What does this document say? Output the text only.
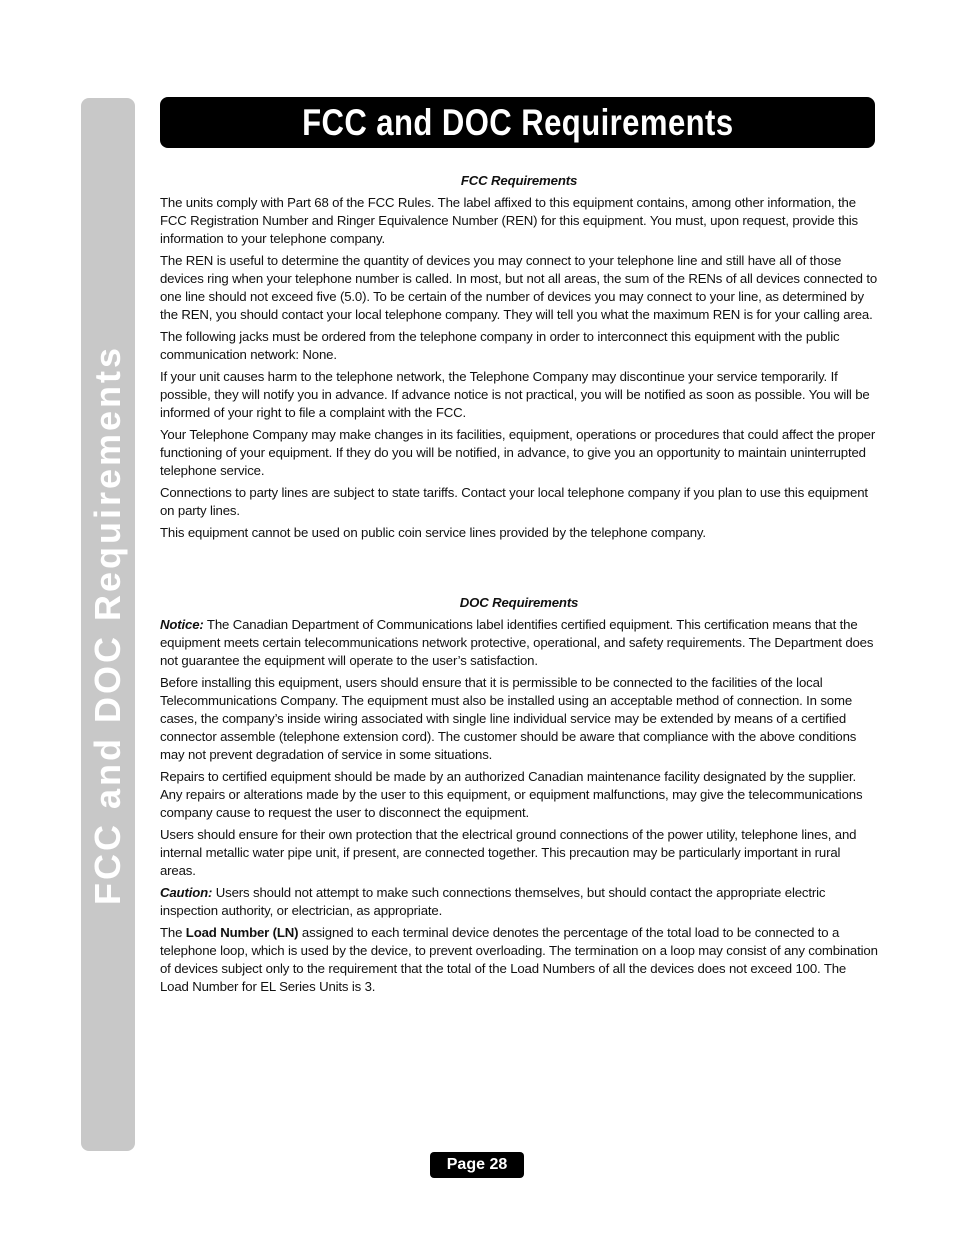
FCC and DOC Requirements
FCC and DOC Requirements

FCC Requirements

The units comply with Part 68 of the FCC Rules. The label affixed to this equipment contains, among other information, the FCC Registration Number and Ringer Equivalence Number (REN) for this equipment. You must, upon request, provide this information to your telephone company.

The REN is useful to determine the quantity of devices you may connect to your telephone line and still have all of those devices ring when your telephone number is called. In most, but not all areas, the sum of the RENs of all devices connected to one line should not exceed five (5.0). To be certain of the number of devices you may connect to your line, as determined by the REN, you should contact your local telephone company. They will tell you what the maximum REN is for your calling area.

The following jacks must be ordered from the telephone company in order to interconnect this equipment with the public communication network: None.

If your unit causes harm to the telephone network, the Telephone Company may discontinue your service temporarily. If possible, they will notify you in advance. If advance notice is not practical, you will be notified as soon as possible. You will be informed of your right to file a complaint with the FCC.

Your Telephone Company may make changes in its facilities, equipment, operations or procedures that could affect the proper functioning of your equipment. If they do you will be notified, in advance, to give you an opportunity to maintain uninterrupted telephone service.

Connections to party lines are subject to state tariffs. Contact your local telephone company if you plan to use this equipment on party lines.

This equipment cannot be used on public coin service lines provided by the telephone company.

DOC Requirements

Notice: The Canadian Department of Communications label identifies certified equipment. This certification means that the equipment meets certain telecommunications network protective, operational, and safety requirements. The Department does not guarantee the equipment will operate to the user’s satisfaction.

Before installing this equipment, users should ensure that it is permissible to be connected to the facilities of the local Telecommunications Company. The equipment must also be installed using an acceptable method of connection. In some cases, the company’s inside wiring associated with single line individual service may be extended by means of a certified connector assemble (telephone extension cord). The customer should be aware that compliance with the above conditions may not prevent degradation of service in some situations.

Repairs to certified equipment should be made by an authorized Canadian maintenance facility designated by the supplier. Any repairs or alterations made by the user to this equipment, or equipment malfunctions, may give the telecommunications company cause to request the user to disconnect the equipment.

Users should ensure for their own protection that the electrical ground connections of the power utility, telephone lines, and internal metallic water pipe unit, if present, are connected together. This precaution may be particularly important in rural areas.

Caution: Users should not attempt to make such connections themselves, but should contact the appropriate electric inspection authority, or electrician, as appropriate.

The Load Number (LN) assigned to each terminal device denotes the percentage of the total load to be connected to a telephone loop, which is used by the device, to prevent overloading. The termination on a loop may consist of any combination of devices subject only to the requirement that the total of the Load Numbers of all the devices does not exceed 100. The Load Number for EL Series Units is 3.

Page 28
